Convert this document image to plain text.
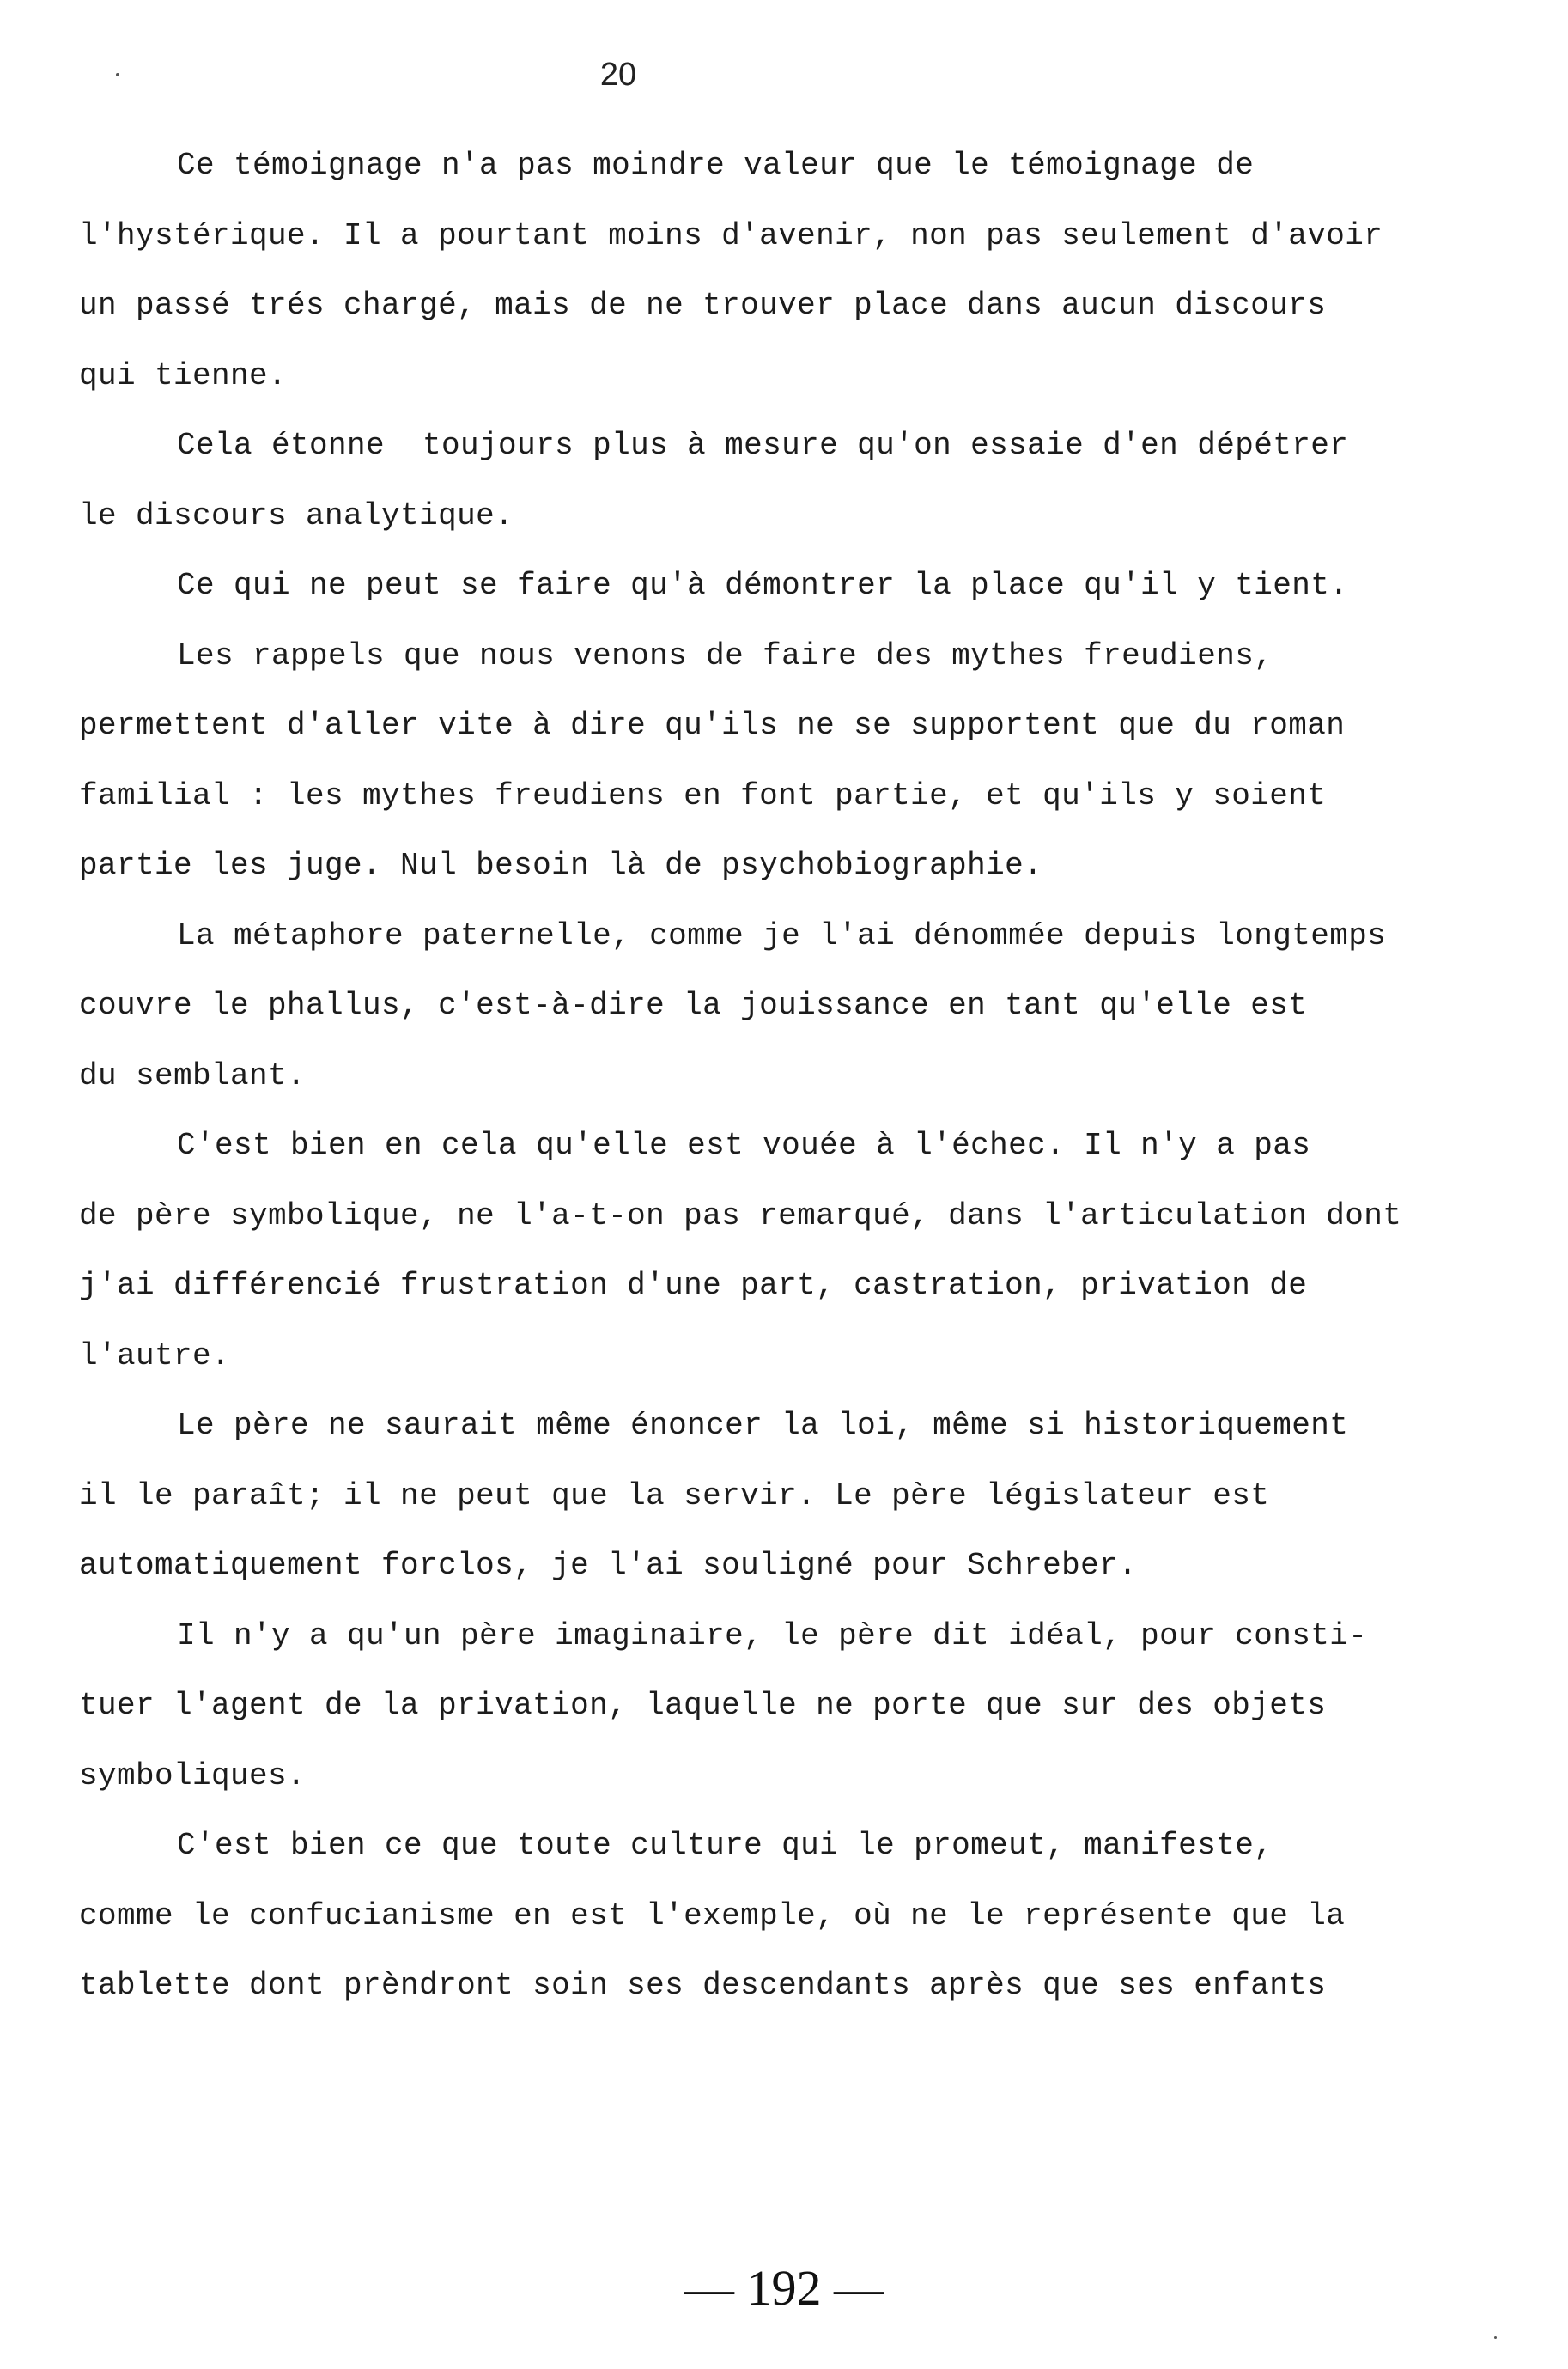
20
Ce témoignage n'a pas moindre valeur que le témoignage de
l'hystérique. Il a pourtant moins d'avenir, non pas seulement d'avoir
un passé trés chargé, mais de ne trouver place dans aucun discours
qui tienne.
Cela étonne  toujours plus à mesure qu'on essaie d'en dépétrer
le discours analytique.
Ce qui ne peut se faire qu'à démontrer la place qu'il y tient.
Les rappels que nous venons de faire des mythes freudiens,
permettent d'aller vite à dire qu'ils ne se supportent que du roman
familial : les mythes freudiens en font partie, et qu'ils y soient
partie les juge. Nul besoin là de psychobiographie.
La métaphore paternelle, comme je l'ai dénommée depuis longtemps
couvre le phallus, c'est-à-dire la jouissance en tant qu'elle est
du semblant.
C'est bien en cela qu'elle est vouée à l'échec. Il n'y a pas
de père symbolique, ne l'a-t-on pas remarqué, dans l'articulation dont
j'ai différencié frustration d'une part, castration, privation de
l'autre.
Le père ne saurait même énoncer la loi, même si historiquement
il le paraît; il ne peut que la servir. Le père législateur est
automatiquement forclos, je l'ai souligné pour Schreber.
Il n'y a qu'un père imaginaire, le père dit idéal, pour consti-
tuer l'agent de la privation, laquelle ne porte que sur des objets
symboliques.
C'est bien ce que toute culture qui le promeut, manifeste,
comme le confucianisme en est l'exemple, où ne le représente que la
tablette dont prèndront soin ses descendants après que ses enfants
— 192 —
